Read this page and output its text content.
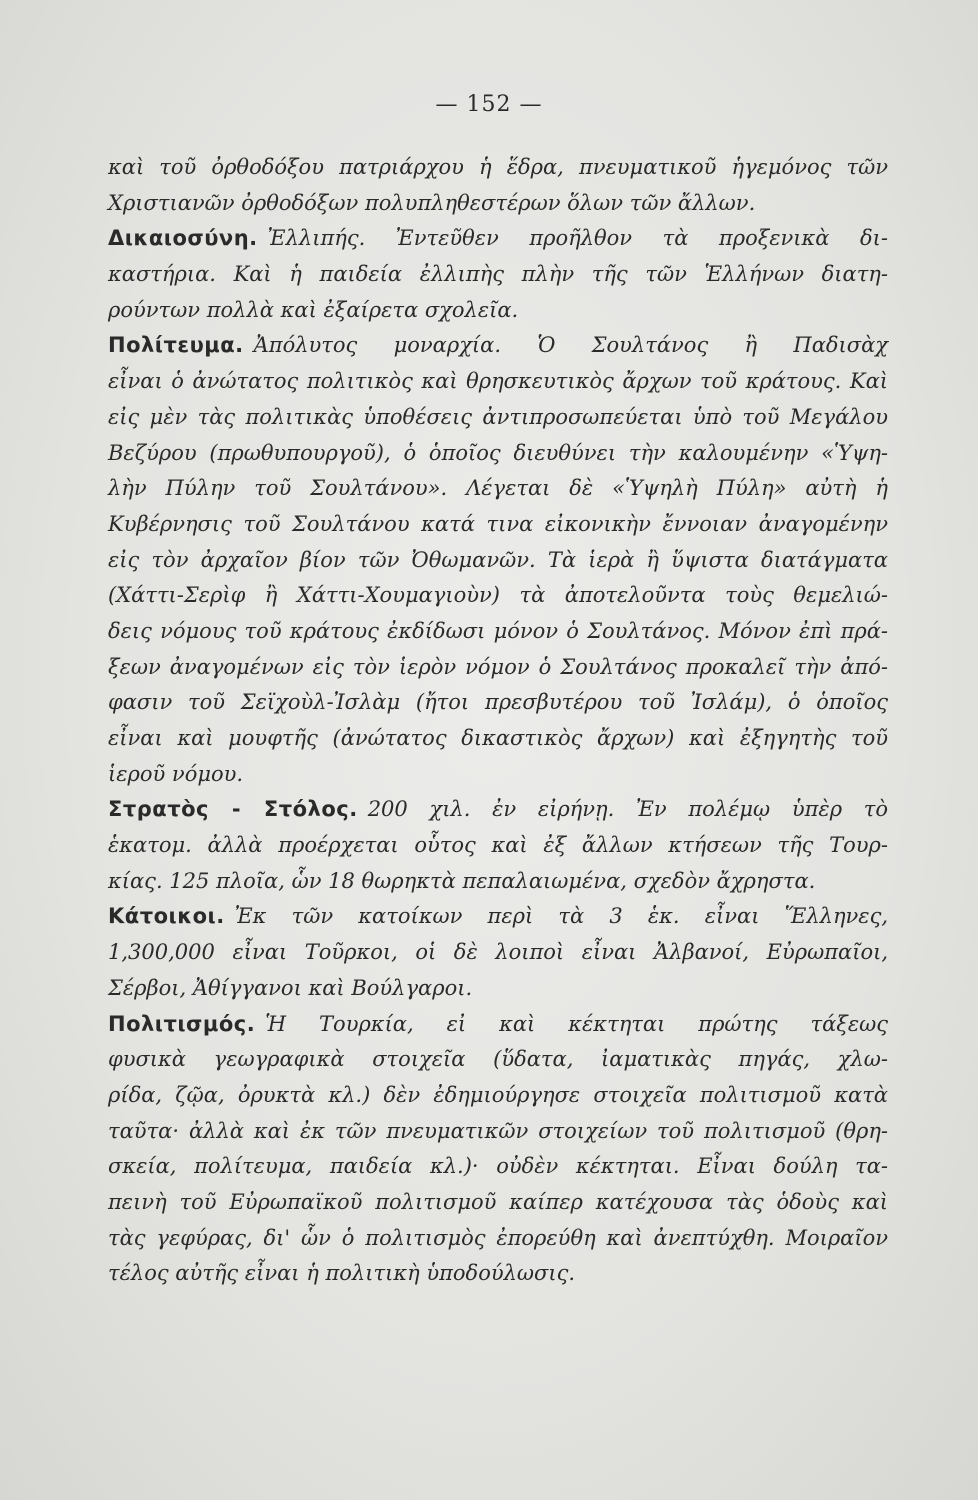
— 152 —
καὶ τοῦ ὀρθοδόξου πατριάρχου ἡ ἕδρα, πνευματικοῦ ἡγεμόνος τῶν
Χριστιανῶν ὀρθοδόξων πολυπληθεστέρων ὅλων τῶν ἄλλων.
Δικαιοσύνη. Ἐλλιπής. Ἐντεῦθεν προῆλθον τὰ προξενικὰ δι-
καστήρια. Καὶ ἡ παιδεία ἐλλιπὴς πλὴν τῆς τῶν Ἑλλήνων διατη-
ρούντων πολλὰ καὶ ἐξαίρετα σχολεῖα.
Πολίτευμα. Ἀπόλυτος μοναρχία. Ὁ Σουλτάνος ἢ Παδισὰχ
εἶναι ὁ ἀνώτατος πολιτικὸς καὶ θρησκευτικὸς ἄρχων τοῦ κράτους. Καὶ
εἰς μὲν τὰς πολιτικὰς ὑποθέσεις ἀντιπροσωπεύεται ὑπὸ τοῦ Μεγάλου
Βεζύρου (πρωθυπουργοῦ), ὁ ὁποῖος διευθύνει τὴν καλουμένην «Ὑψη-
λὴν Πύλην τοῦ Σουλτάνου». Λέγεται δὲ «Ὑψηλὴ Πύλη» αὐτὴ ἡ
Κυβέρνησις τοῦ Σουλτάνου κατά τινα εἰκονικὴν ἔννοιαν ἀναγομένην
εἰς τὸν ἀρχαῖον βίον τῶν Ὀθωμανῶν. Τὰ ἱερὰ ἢ ὕψιστα διατάγματα
(Χάττι-Σερὶφ ἢ Χάττι-Χουμαγιοὺν) τὰ ἀποτελοῦντα τοὺς θεμελιώ-
δεις νόμους τοῦ κράτους ἐκδίδωσι μόνον ὁ Σουλτάνος. Μόνον ἐπὶ πρά-
ξεων ἀναγομένων εἰς τὸν ἱερὸν νόμον ὁ Σουλτάνος προκαλεῖ τὴν ἀπό-
φασιν τοῦ Σεϊχοὺλ-Ἰσλὰμ (ἤτοι πρεσβυτέρου τοῦ Ἰσλάμ), ὁ ὁποῖος
εἶναι καὶ μουφτῆς (ἀνώτατος δικαστικὸς ἄρχων) καὶ ἐξηγητὴς τοῦ
ἱεροῦ νόμου.
Στρατὸς - Στόλος. 200 χιλ. ἐν εἰρήνῃ. Ἐν πολέμῳ ὑπὲρ τὸ
ἑκατομ. ἀλλὰ προέρχεται οὗτος καὶ ἐξ ἄλλων κτήσεων τῆς Τουρ-
κίας. 125 πλοῖα, ὧν 18 θωρηκτὰ πεπαλαιωμένα, σχεδὸν ἄχρηστα.
Κάτοικοι. Ἐκ τῶν κατοίκων περὶ τὰ 3 ἑκ. εἶναι Ἕλληνες,
1,300,000 εἶναι Τοῦρκοι, οἱ δὲ λοιποὶ εἶναι Ἀλβανοί, Εὐρωπαῖοι,
Σέρβοι, Ἀθίγγανοι καὶ Βούλγαροι.
Πολιτισμός. Ἡ Τουρκία, εἰ καὶ κέκτηται πρώτης τάξεως
φυσικὰ γεωγραφικὰ στοιχεῖα (ὕδατα, ἰαματικὰς πηγάς, χλω-
ρίδα, ζῷα, ὀρυκτὰ κλ.) δὲν ἐδημιούργησε στοιχεῖα πολιτισμοῦ κατὰ
ταῦτα· ἀλλὰ καὶ ἐκ τῶν πνευματικῶν στοιχείων τοῦ πολιτισμοῦ (θρη-
σκεία, πολίτευμα, παιδεία κλ.)· οὐδὲν κέκτηται. Εἶναι δούλη τα-
πεινὴ τοῦ Εὐρωπαϊκοῦ πολιτισμοῦ καίπερ κατέχουσα τὰς ὁδοὺς καὶ
τὰς γεφύρας, δι' ὧν ὁ πολιτισμὸς ἐπορεύθη καὶ ἀνεπτύχθη. Μοιραῖον
τέλος αὐτῆς εἶναι ἡ πολιτικὴ ὑποδούλωσις.
